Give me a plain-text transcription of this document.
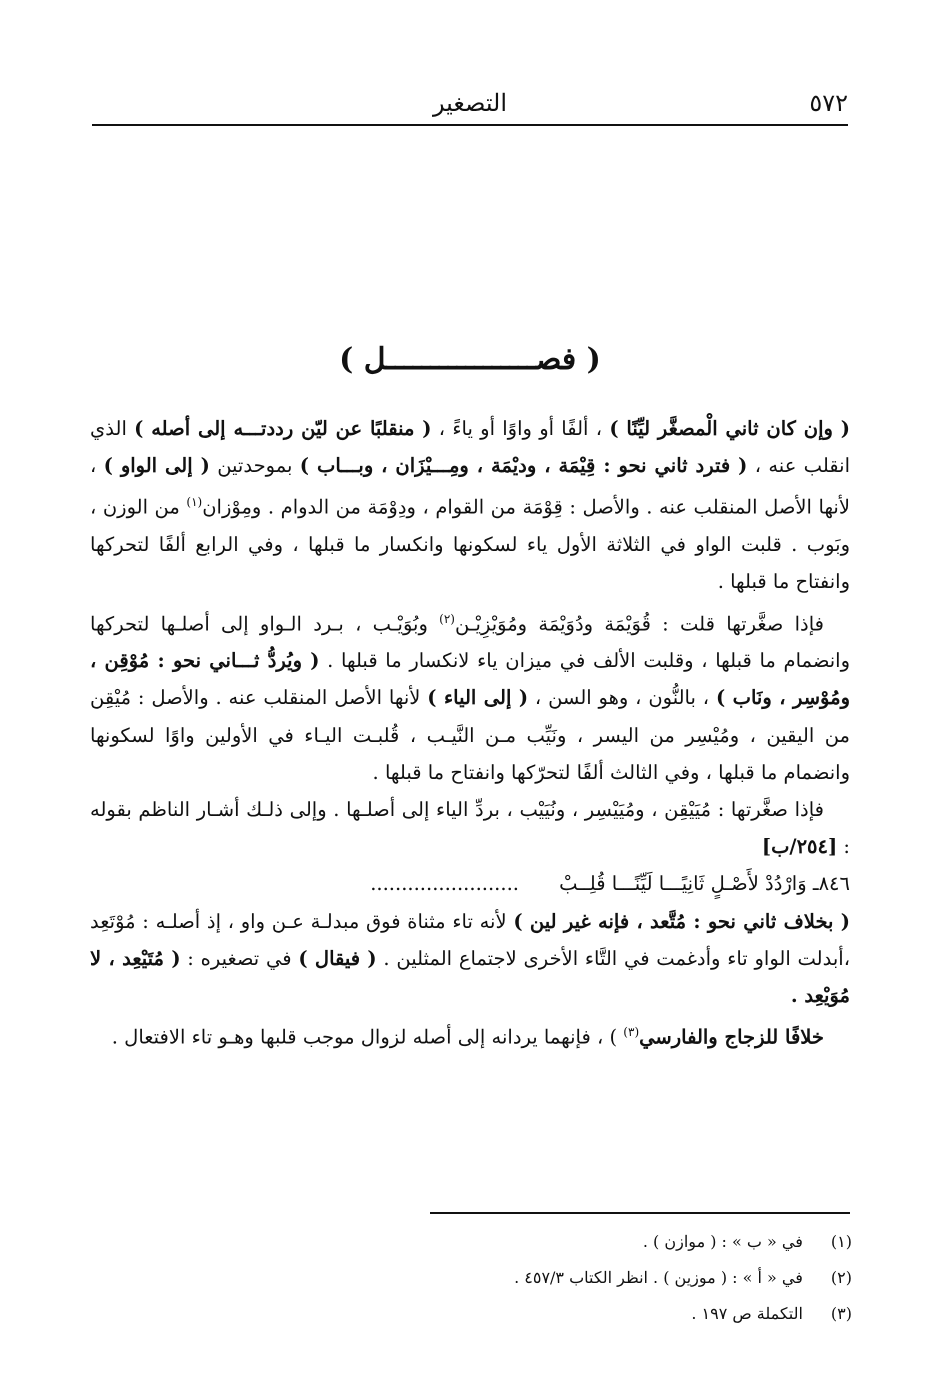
٥٧٢
التصغير
( فصـــــــــــــــــل )

( وإن كان ثاني الْمصغَّر ليِّنًا ) ، ألفًا أو واوًا أو ياءً ، ( منقلبًا عن ليّن رددتـــه إلى أصله ) الذي انقلب عنه ، ( فترد ثاني نحو : قِيْمَة ، وديْمَة ، ومِـــيْزَان ، وبـــاب ) بموحدتين ( إلى الواو ) ، لأنها الأصل المنقلب عنه . والأصل : قِوْمَة من القوام ، ودِوْمَة من الدوام . ومِوْزان$^{(١)}$ من الوزن ، وبَوب . قلبت الواو في الثلاثة الأول ياء لسكونها وانكسار ما قبلها ، وفي الرابع ألفًا لتحركها وانفتاح ما قبلها .

فإذا صغَّرتها قلت : قُوَيْمَة ودُوَيْمَة ومُوَيْزِيْـن$^{(٢)}$ وبُوَيْـب ، بـرد الـواو إلى أصلـها لتحركها وانضمام ما قبلها ، وقلبت الألف في ميزان ياء لانكسار ما قبلها . ( ويُردُّ ثـــاني نحو : مُوْقِن ، ومُوْسِر ، ونَاب ) ، بالنُّون ، وهو السن ، ( إلى الياء ) لأنها الأصل المنقلب عنه . والأصل : مُيْقِن من اليقين ، ومُيْسِر من اليسر ، ونَيِّب مـن النَّيـب ، قُلبـت اليـاء في الأولين واوًا لسكونها وانضمام ما قبلها ، وفي الثالث ألفًا لتحرّكها وانفتاح ما قبلها .

فإذا صغَّرتها : مُيَيْقِن ، ومُيَيْسِر ، ونُيَيْب ، بردِّ الياء إلى أصلـها . وإلى ذلـك أشـار الناظم بقوله : [٢٥٤/ب]

٨٤٦ـ وَارْدُدْ لأَصْـلٍ ثَانِيًـــا لَيِّنًـــا قُلِــبْ ........................

( بخلاف ثاني نحو : مُتَّعد ، فإنه غير لين ) لأنه تاء مثناة فوق مبدلـة عـن واو ، إذ أصلـه : مُوْتَعِد ،أبدلت الواو تاء وأدغمت في التَّاء الأخرى لاجتماع المثلين . ( فيقال ) في تصغيره : ( مُتَيْعِد ، لا مُوَيْعِد .

خلافًا للزجاج والفارسي$^{(٣)}$ ) ، فإنهما يردانه إلى أصله لزوال موجب قلبها وهـو تاء الافتعال .

(١) في « ب » : ( موازن ) .
(٢) في « أ » : ( موزين ) . انظر الكتاب ٤٥٧/٣ .
(٣) التكملة ص ١٩٧ .
